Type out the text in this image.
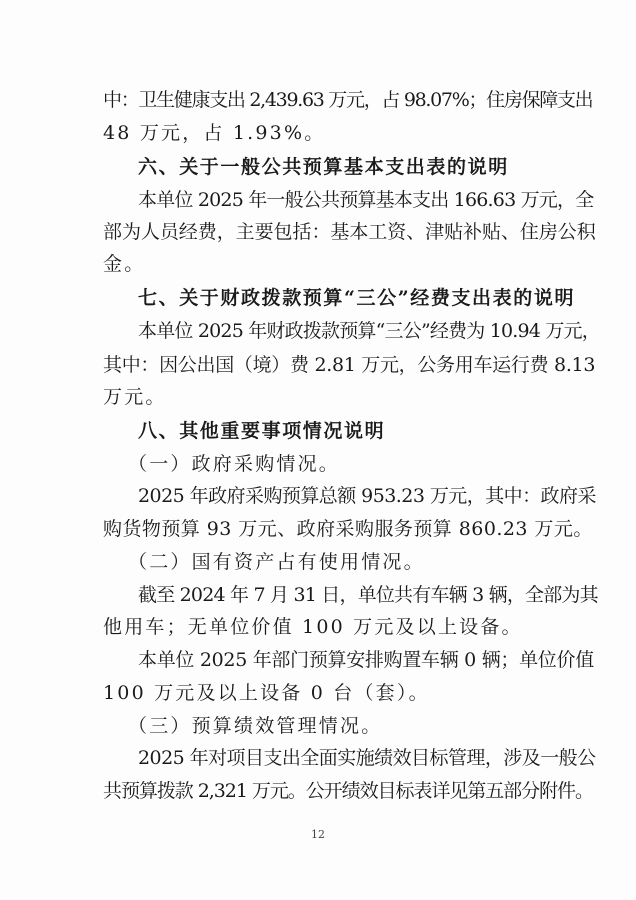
中：卫生健康支出 2,439.63 万元，占 98.07%；住房保障支出
48 万元，占 1.93%。
六、关于一般公共预算基本支出表的说明
本单位 2025 年一般公共预算基本支出 166.63 万元，全
部为人员经费，主要包括：基本工资、津贴补贴、住房公积
金。
七、关于财政拨款预算“三公”经费支出表的说明
本单位 2025 年财政拨款预算“三公”经费为 10.94 万元，
其中：因公出国（境）费 2.81 万元，公务用车运行费 8.13
万元。
八、其他重要事项情况说明
（一）政府采购情况。
2025 年政府采购预算总额 953.23 万元，其中：政府采
购货物预算 93 万元、政府采购服务预算 860.23 万元。
（二）国有资产占有使用情况。
截至 2024 年 7 月 31 日，单位共有车辆 3 辆，全部为其
他用车；无单位价值 100 万元及以上设备。
本单位 2025 年部门预算安排购置车辆 0 辆；单位价值
100 万元及以上设备 0 台（套）。
（三）预算绩效管理情况。
2025 年对项目支出全面实施绩效目标管理，涉及一般公
共预算拨款 2,321 万元。公开绩效目标表详见第五部分附件。
12
